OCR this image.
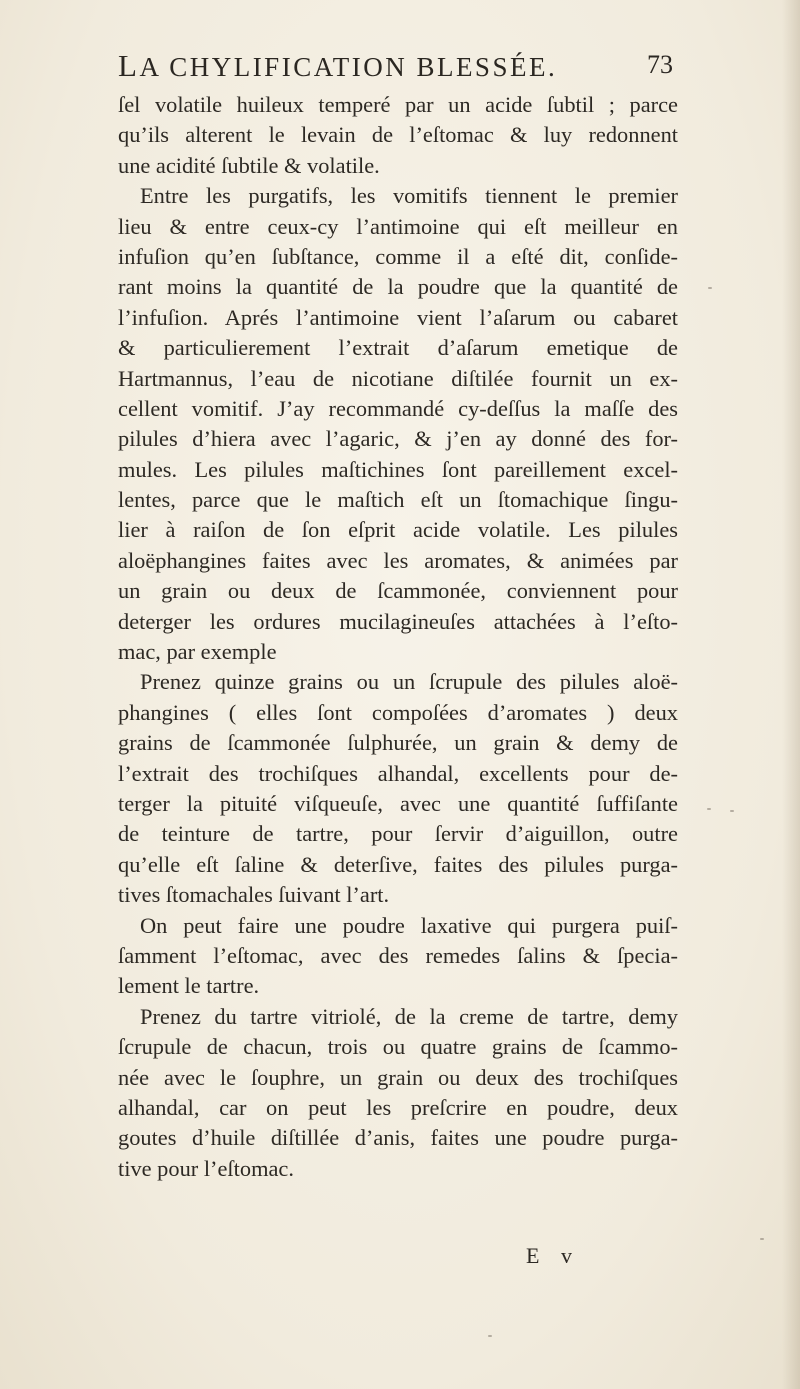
LA CHYLIFICATION BLESSÉE.	73
ſel volatile huileux temperé par un acide ſubtil ; parce
qu’ils alterent le levain de l’eſtomac & luy redonnent
une acidité ſubtile & volatile.
Entre les purgatifs, les vomitifs tiennent le premier
lieu & entre ceux-cy l’antimoine qui eſt meilleur en
infuſion qu’en ſubſtance, comme il a eſté dit, conſide-
rant moins la quantité de la poudre que la quantité de
l’infuſion. Aprés l’antimoine vient l’aſarum ou cabaret
& particulierement l’extrait d’aſarum emetique de
Hartmannus, l’eau de nicotiane diſtilée fournit un ex-
cellent vomitif. J’ay recommandé cy-deſſus la maſſe des
pilules d’hiera avec l’agaric, & j’en ay donné des for-
mules. Les pilules maſtichines ſont pareillement excel-
lentes, parce que le maſtich eſt un ſtomachique ſingu-
lier à raiſon de ſon eſprit acide volatile. Les pilules
aloëphangines faites avec les aromates, & animées par
un grain ou deux de ſcammonée, conviennent pour
deterger les ordures mucilagineuſes attachées à l’eſto-
mac, par exemple
Prenez quinze grains ou un ſcrupule des pilules aloë-
phangines ( elles ſont compoſées d’aromates ) deux
grains de ſcammonée ſulphurée, un grain & demy de
l’extrait des trochiſques alhandal, excellents pour de-
terger la pituité viſqueuſe, avec une quantité ſuffiſante
de teinture de tartre, pour ſervir d’aiguillon, outre
qu’elle eſt ſaline & deterſive, faites des pilules purga-
tives ſtomachales ſuivant l’art.
On peut faire une poudre laxative qui purgera puiſ-
ſamment l’eſtomac, avec des remedes ſalins & ſpecia-
lement le tartre.
Prenez du tartre vitriolé, de la creme de tartre, demy
ſcrupule de chacun, trois ou quatre grains de ſcammo-
née avec le ſouphre, un grain ou deux des trochiſques
alhandal, car on peut les preſcrire en poudre, deux
goutes d’huile diſtillée d’anis, faites une poudre purga-
tive pour l’eſtomac.
E v
